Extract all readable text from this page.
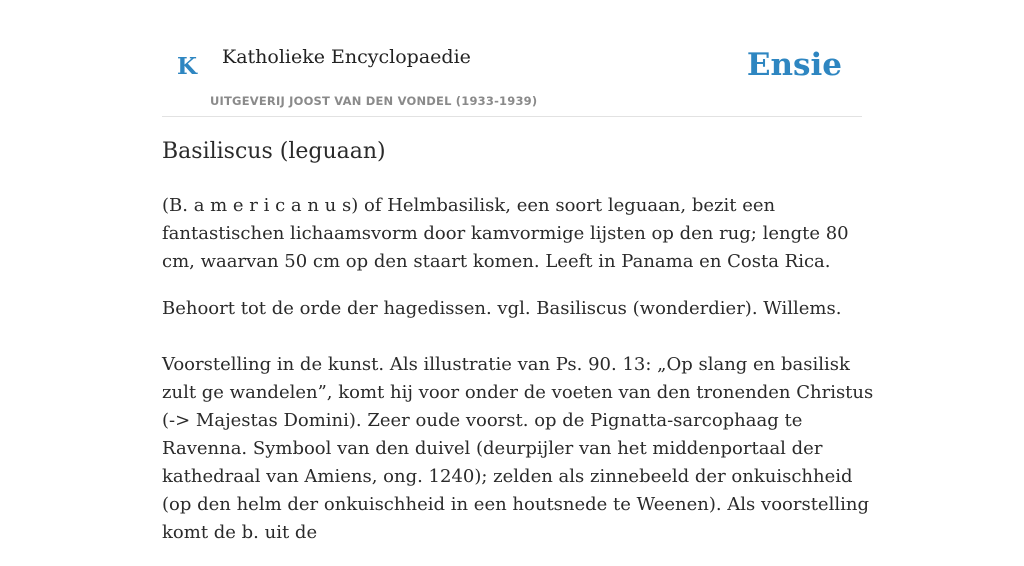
K Katholieke Encyclopaedie
UITGEVERIJ JOOST VAN DEN VONDEL (1933-1939)
Ensie
Basiliscus (leguaan)

(B. a m e r i c a n u s) of Helmbasilisk, een soort leguaan, bezit een fantastischen lichaamsvorm door kamvormige lijsten op den rug; lengte 80 cm, waarvan 50 cm op den staart komen. Leeft in Panama en Costa Rica.

Behoort tot de orde der hagedissen. vgl. Basiliscus (wonderdier). Willems.

Voorstelling in de kunst. Als illustratie van Ps. 90. 13: „Op slang en basilisk zult ge wandelen”, komt hij voor onder de voeten van den tronenden Christus (-> Majestas Domini). Zeer oude voorst. op de Pignatta-sarcophaag te Ravenna. Symbool van den duivel (deurpijler van het middenportaal der kathedraal van Amiens, ong. 1240); zelden als zinnebeeld der onkuischheid (op den helm der onkuischheid in een houtsnede te Weenen). Als voorstelling komt de b. uit de
